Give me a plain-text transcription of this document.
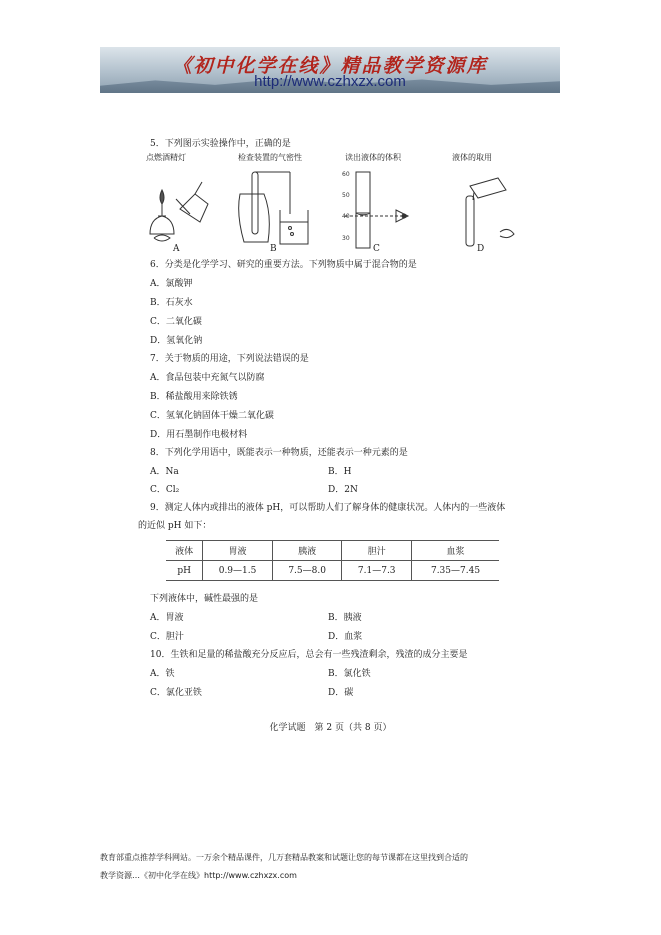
《初中化学在线》精品教学资源库
http://www.czhxzx.com
5．下列图示实验操作中，正确的是
点燃酒精灯	检查装置的气密性	读出液体的体积	液体的取用
60
50
40
30
A	B	C	D
6．分类是化学学习、研究的重要方法。下列物质中属于混合物的是
A．氯酸钾
B．石灰水
C．二氧化碳
D．氢氧化钠
7．关于物质的用途，下列说法错误的是
A．食品包装中充氮气以防腐
B．稀盐酸用来除铁锈
C．氢氧化钠固体干燥二氧化碳
D．用石墨制作电极材料
8．下列化学用语中，既能表示一种物质，还能表示一种元素的是
A．Na	B．H
C．Cl₂	D．2N
9．测定人体内或排出的液体 pH，可以帮助人们了解身体的健康状况。人体内的一些液体
的近似 pH 如下：
液体	胃液	胰液	胆汁	血浆
pH	0.9—1.5	7.5—8.0	7.1—7.3	7.35—7.45
下列液体中，碱性最强的是
A．胃液	B．胰液
C．胆汁	D．血浆
10．生铁和足量的稀盐酸充分反应后，总会有一些残渣剩余，残渣的成分主要是
A．铁	B．氯化铁
C．氯化亚铁	D．碳
化学试题　第 2 页（共 8 页）
教育部重点推荐学科网站。一万余个精品课件，几万套精品教案和试题让您的每节课都在这里找到合适的
教学资源…《初中化学在线》http://www.czhxzx.com
